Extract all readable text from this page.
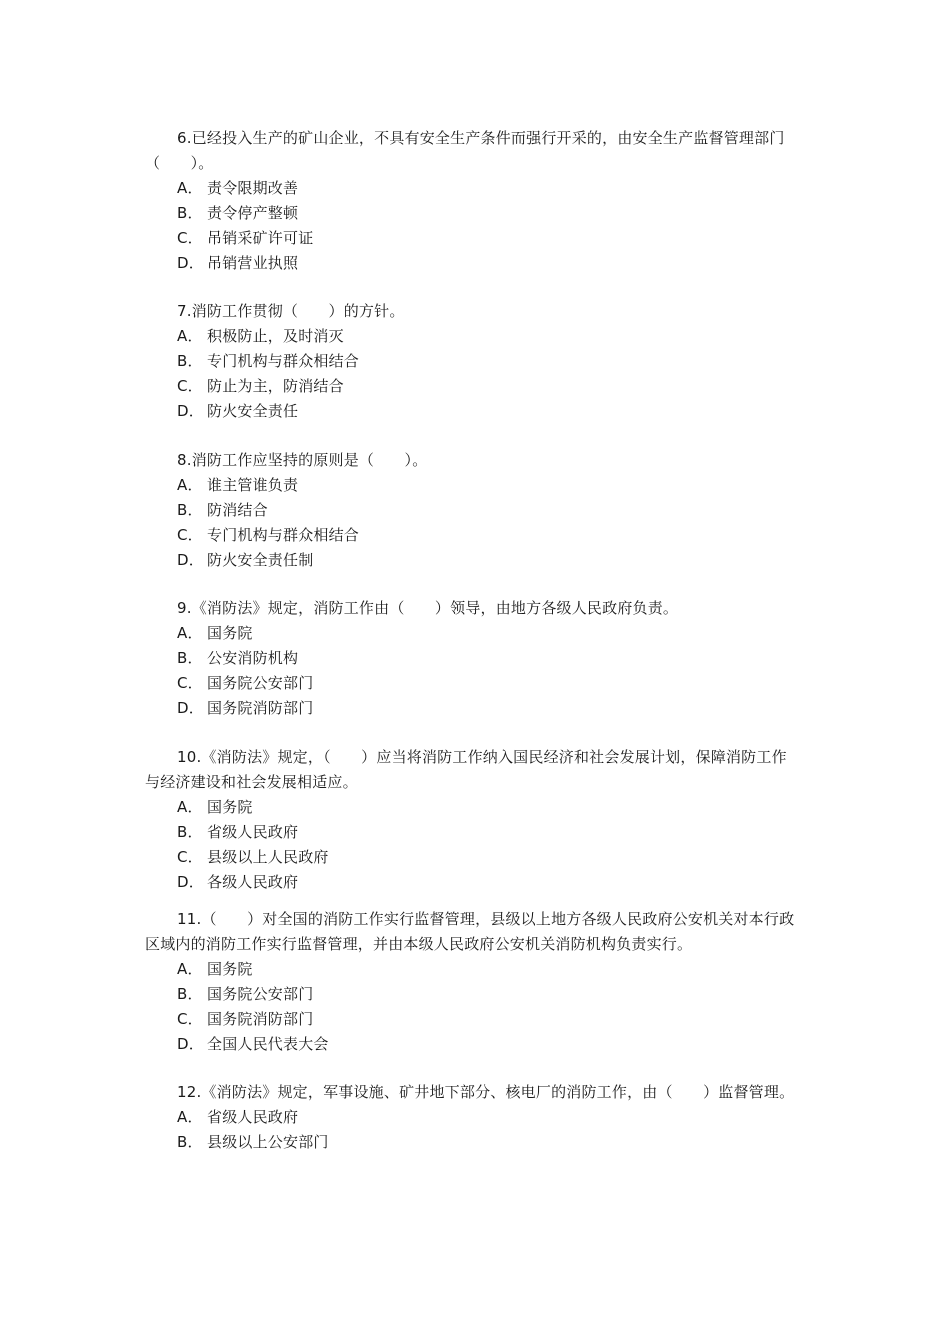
6.已经投入生产的矿山企业，不具有安全生产条件而强行开采的，由安全生产监督管理部门（　　）。

A． 责令限期改善
B． 责令停产整顿
C． 吊销采矿许可证
D． 吊销营业执照

7.消防工作贯彻（　　）的方针。

A． 积极防止，及时消灭
B． 专门机构与群众相结合
C． 防止为主，防消结合
D． 防火安全责任

8.消防工作应坚持的原则是（　　）。

A． 谁主管谁负责
B． 防消结合
C． 专门机构与群众相结合
D． 防火安全责任制

9.《消防法》规定，消防工作由（　　）领导，由地方各级人民政府负责。

A． 国务院
B． 公安消防机构
C． 国务院公安部门
D． 国务院消防部门

10.《消防法》规定，（　　）应当将消防工作纳入国民经济和社会发展计划，保障消防工作与经济建设和社会发展相适应。

A． 国务院
B． 省级人民政府
C． 县级以上人民政府
D． 各级人民政府

11.（　　）对全国的消防工作实行监督管理，县级以上地方各级人民政府公安机关对本行政区域内的消防工作实行监督管理，并由本级人民政府公安机关消防机构负责实行。

A． 国务院
B． 国务院公安部门
C． 国务院消防部门
D． 全国人民代表大会

12.《消防法》规定，军事设施、矿井地下部分、核电厂的消防工作，由（　　）监督管理。

A． 省级人民政府
B． 县级以上公安部门
